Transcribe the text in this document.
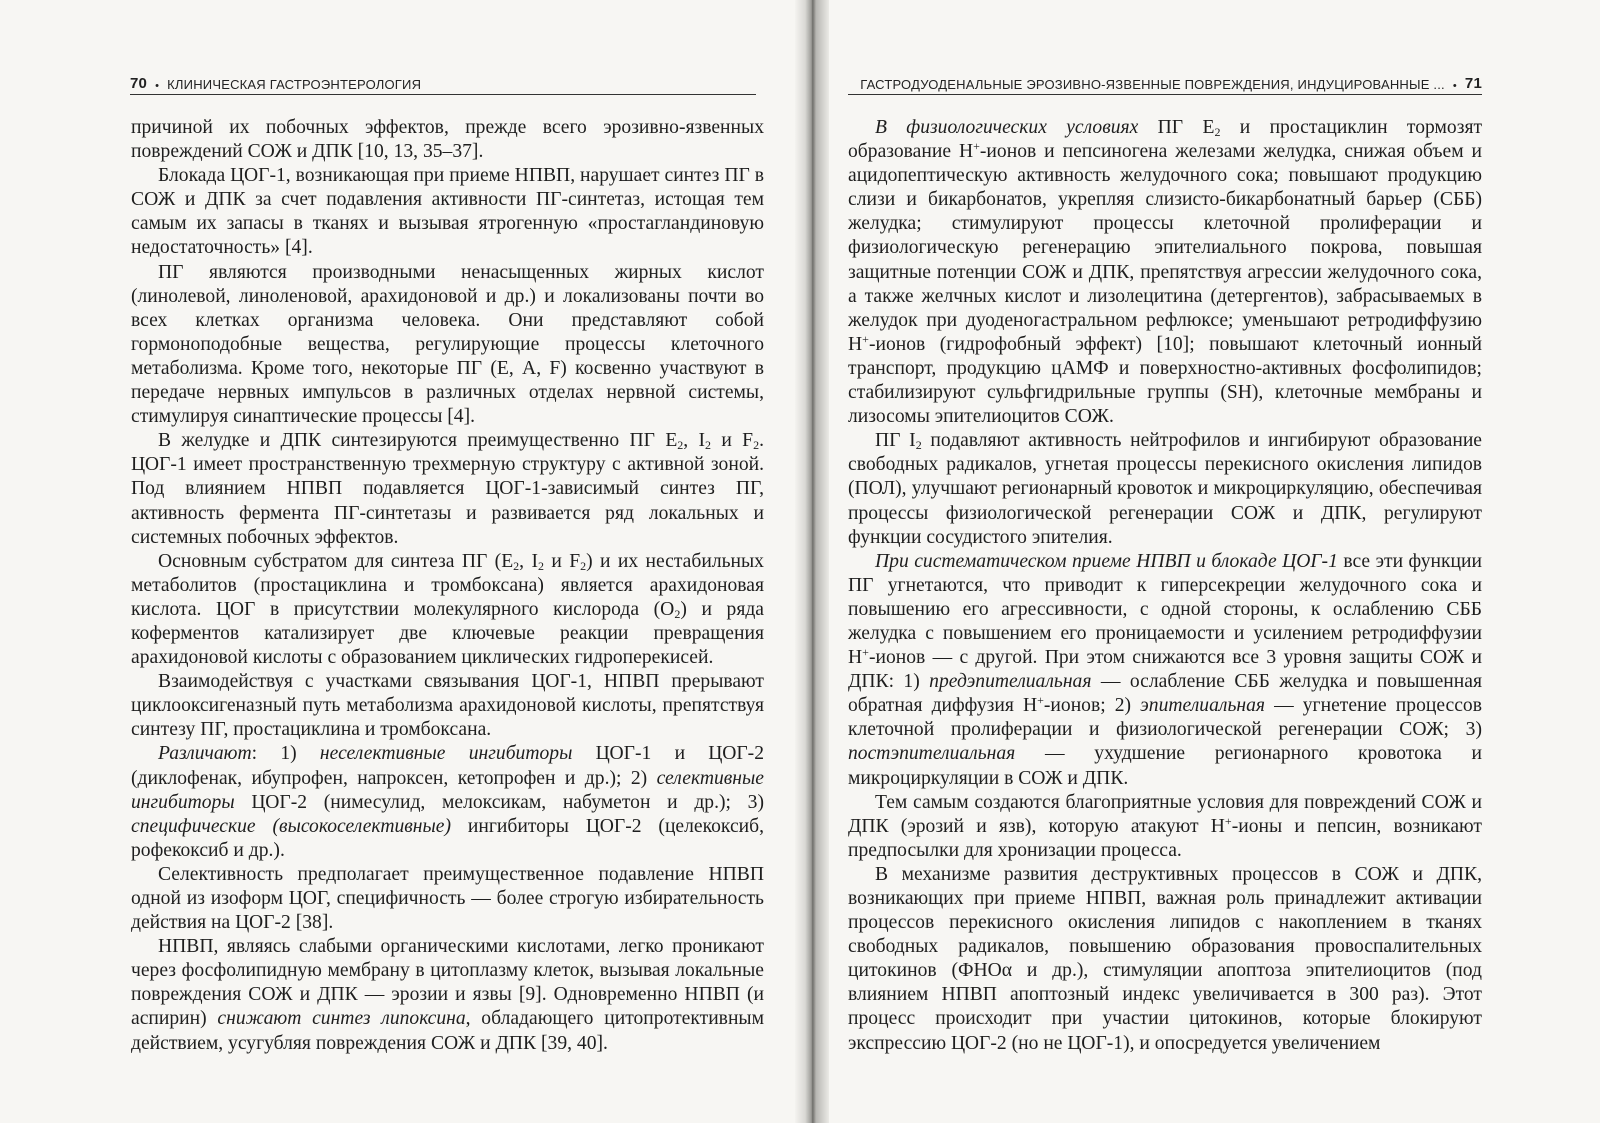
70 • КЛИНИЧЕСКАЯ ГАСТРОЭНТЕРОЛОГИЯ	ГАСТРОДУОДЕНАЛЬНЫЕ ЭРОЗИВНО-ЯЗВЕННЫЕ ПОВРЕЖДЕНИЯ, ИНДУЦИРОВАННЫЕ ... • 71

причиной их побочных эффектов, прежде всего эрозивно-язвенных повреждений СОЖ и ДПК [10, 13, 35–37].

Блокада ЦОГ-1, возникающая при приеме НПВП, нарушает синтез ПГ в СОЖ и ДПК за счет подавления активности ПГ-синтетаз, истощая тем самым их запасы в тканях и вызывая ятрогенную «простагландиновую недостаточность» [4].

ПГ являются производными ненасыщенных жирных кислот (линолевой, линоленовой, арахидоновой и др.) и локализованы почти во всех клетках организма человека. Они представляют собой гормоноподобные вещества, регулирующие процессы клеточного метаболизма. Кроме того, некоторые ПГ (Е, А, F) косвенно участвуют в передаче нервных импульсов в различных отделах нервной системы, стимулируя синаптические процессы [4].

В желудке и ДПК синтезируются преимущественно ПГ $Е_2$, $I_2$ и $F_2$. ЦОГ-1 имеет пространственную трехмерную структуру с активной зоной. Под влиянием НПВП подавляется ЦОГ-1-зависимый синтез ПГ, активность фермента ПГ-синтетазы и развивается ряд локальных и системных побочных эффектов.

Основным субстратом для синтеза ПГ ($Е_2$, $I_2$ и $F_2$) и их нестабильных метаболитов (простациклина и тромбоксана) является арахидоновая кислота. ЦОГ в присутствии молекулярного кислорода $(O_2)$ и ряда коферментов катализирует две ключевые реакции превращения арахидоновой кислоты с образованием циклических гидроперекисей.

Взаимодействуя с участками связывания ЦОГ-1, НПВП прерывают циклооксигеназный путь метаболизма арахидоновой кислоты, препятствуя синтезу ПГ, простациклина и тромбоксана.

Различают: 1) неселективные ингибиторы ЦОГ-1 и ЦОГ-2 (диклофенак, ибупрофен, напроксен, кетопрофен и др.); 2) селективные ингибиторы ЦОГ-2 (нимесулид, мелоксикам, набуметон и др.); 3) специфические (высокоселективные) ингибиторы ЦОГ-2 (целекоксиб, рофекоксиб и др.).

Селективность предполагает преимущественное подавление НПВП одной из изоформ ЦОГ, специфичность — более строгую избирательность действия на ЦОГ-2 [38].

НПВП, являясь слабыми органическими кислотами, легко проникают через фосфолипидную мембрану в цитоплазму клеток, вызывая локальные повреждения СОЖ и ДПК — эрозии и язвы [9]. Одновременно НПВП (и аспирин) снижают синтез липоксина, обладающего цитопротективным действием, усугубляя повреждения СОЖ и ДПК [39, 40].

В физиологических условиях ПГ $Е_2$ и простациклин тормозят образование Н+-ионов и пепсиногена железами желудка, снижая объем и ацидопептическую активность желудочного сока; повышают продукцию слизи и бикарбонатов, укрепляя слизисто-бикарбонатный барьер (СББ) желудка; стимулируют процессы клеточной пролиферации и физиологическую регенерацию эпителиального покрова, повышая защитные потенции СОЖ и ДПК, препятствуя агрессии желудочного сока, а также желчных кислот и лизолецитина (детергентов), забрасываемых в желудок при дуоденогастральном рефлюксе; уменьшают ретродиффузию Н+-ионов (гидрофобный эффект) [10]; повышают клеточный ионный транспорт, продукцию цАМФ и поверхностно-активных фосфолипидов; стабилизируют сульфгидрильные группы (SH), клеточные мембраны и лизосомы эпителиоцитов СОЖ.

ПГ $I_2$ подавляют активность нейтрофилов и ингибируют образование свободных радикалов, угнетая процессы перекисного окисления липидов (ПОЛ), улучшают регионарный кровоток и микроциркуляцию, обеспечивая процессы физиологической регенерации СОЖ и ДПК, регулируют функции сосудистого эпителия.

При систематическом приеме НПВП и блокаде ЦОГ-1 все эти функции ПГ угнетаются, что приводит к гиперсекреции желудочного сока и повышению его агрессивности, с одной стороны, к ослаблению СББ желудка с повышением его проницаемости и усилением ретродиффузии Н+-ионов — с другой. При этом снижаются все 3 уровня защиты СОЖ и ДПК: 1) предэпителиальная — ослабление СББ желудка и повышенная обратная диффузия Н+-ионов; 2) эпителиальная — угнетение процессов клеточной пролиферации и физиологической регенерации СОЖ; 3) постэпителиальная — ухудшение регионарного кровотока и микроциркуляции в СОЖ и ДПК.

Тем самым создаются благоприятные условия для повреждений СОЖ и ДПК (эрозий и язв), которую атакуют Н+-ионы и пепсин, возникают предпосылки для хронизации процесса.

В механизме развития деструктивных процессов в СОЖ и ДПК, возникающих при приеме НПВП, важная роль принадлежит активации процессов перекисного окисления липидов с накоплением в тканях свободных радикалов, повышению образования провоспалительных цитокинов (ФНОα и др.), стимуляции апоптоза эпителиоцитов (под влиянием НПВП апоптозный индекс увеличивается в 300 раз). Этот процесс происходит при участии цитокинов, которые блокируют экспрессию ЦОГ-2 (но не ЦОГ-1), и опосредуется увеличением
